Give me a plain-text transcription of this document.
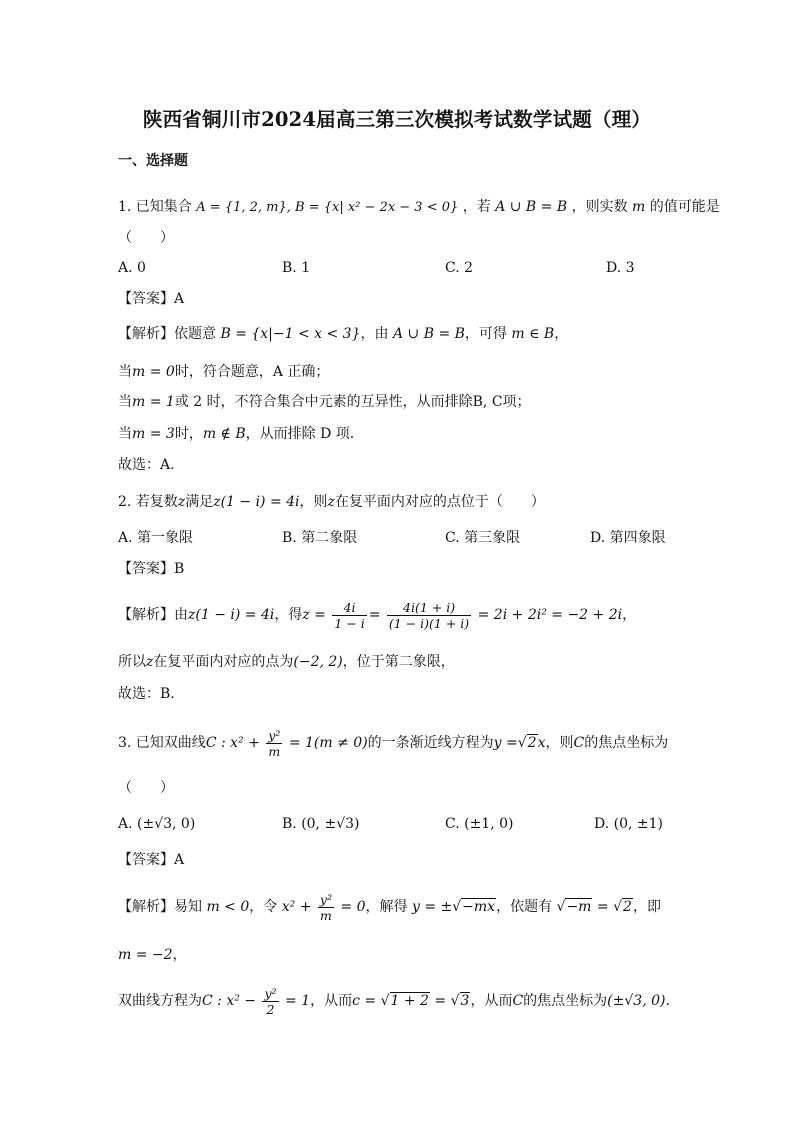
陕西省铜川市2024届高三第三次模拟考试数学试题（理）
一、选择题
1. 已知集合 A = {1, 2, m}, B = {x| x² − 2x − 3 < 0} ，若 A ∪ B = B ，则实数 m 的值可能是
（　　）
A. 0	B. 1	C. 2	D. 3
【答案】A
【解析】依题意 B = {x|−1 < x < 3}，由 A ∪ B = B，可得 m ∈ B，
当m = 0时，符合题意，A 正确；
当m = 1或 2 时，不符合集合中元素的互异性，从而排除B, C项；
当m = 3时，m ∉ B，从而排除 D 项.
故选：A.
2. 若复数z满足z(1 − i) = 4i，则z在复平面内对应的点位于（　　）
A. 第一象限	B. 第二象限	C. 第三象限	D. 第四象限
【答案】B
【解析】由z(1 − i) = 4i，得$z = \frac{4i}{1 - i} = \frac{4i(1 + i)}{(1 - i)(1 + i)} = 2i + 2i^2 = -2 + 2i$，
所以z在复平面内对应的点为(−2, 2)，位于第二象限，
故选：B.
3. 已知双曲线C : $x^2 + \frac{\text{y²}}{m} = 1(m \ne 0)$的一条渐近线方程为y =√2x，则C的焦点坐标为
（　　）
A. (±√3, 0)	B. (0, ±√3)	C. (±1, 0)	D. (0, ±1)
【答案】A
【解析】易知 m < 0，令 $x^2 + \frac{\text{y²}}{m} = 0$，解得 y = ±√−mx，依题有 √−m = √2，即
m = −2，
双曲线方程为C : $x^2 - \frac{\text{y²}}{2} = 1$，从而c = √1 + 2 = √3，从而C的焦点坐标为(±√3, 0).
